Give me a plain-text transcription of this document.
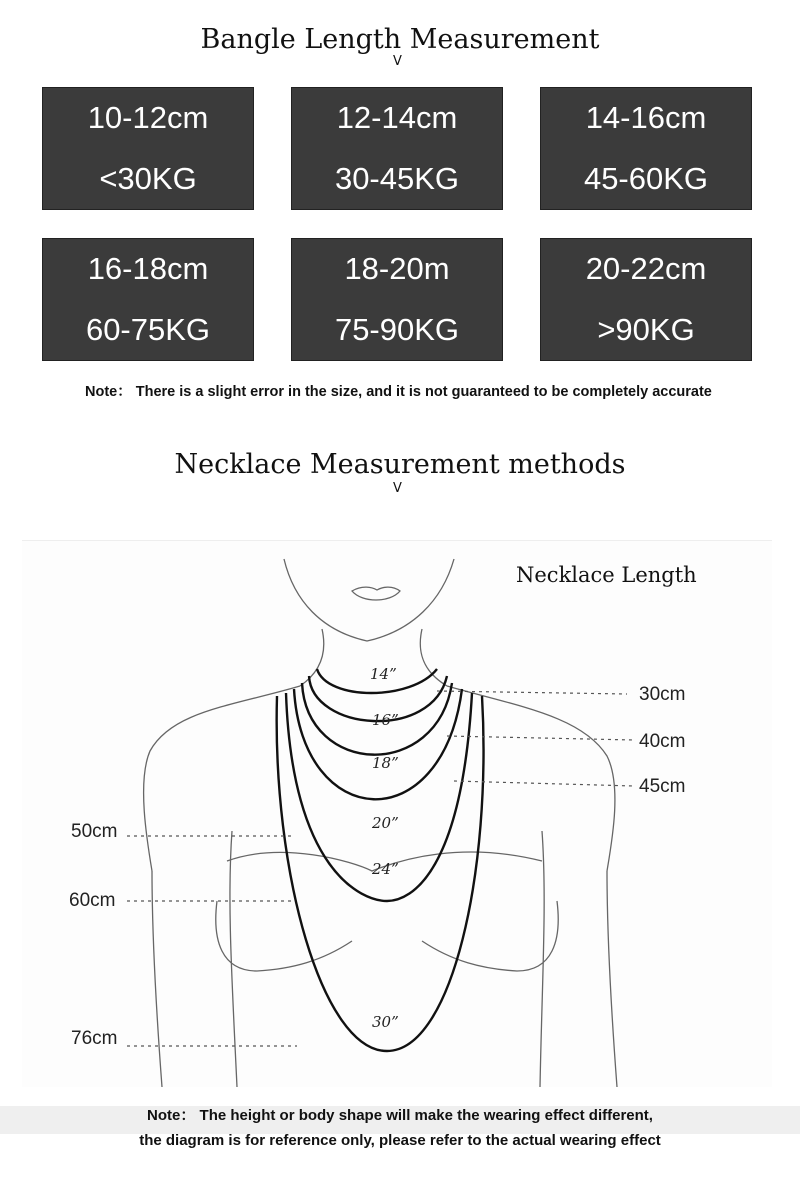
Bangle Length Measurement
V
10-12cm
<30KG
12-14cm
30-45KG
14-16cm
45-60KG
16-18cm
60-75KG
18-20m
75-90KG
20-22cm
>90KG
Note： There is a slight error in the size, and it is not guaranteed to be completely accurate
Necklace Measurement methods
V
Necklace Length
14”
16”
18”
20”
24”
30”
30cm
40cm
45cm
50cm
60cm
76cm
Note： The height or body shape will make the wearing effect different,
the diagram is for reference only, please refer to the actual wearing effect
